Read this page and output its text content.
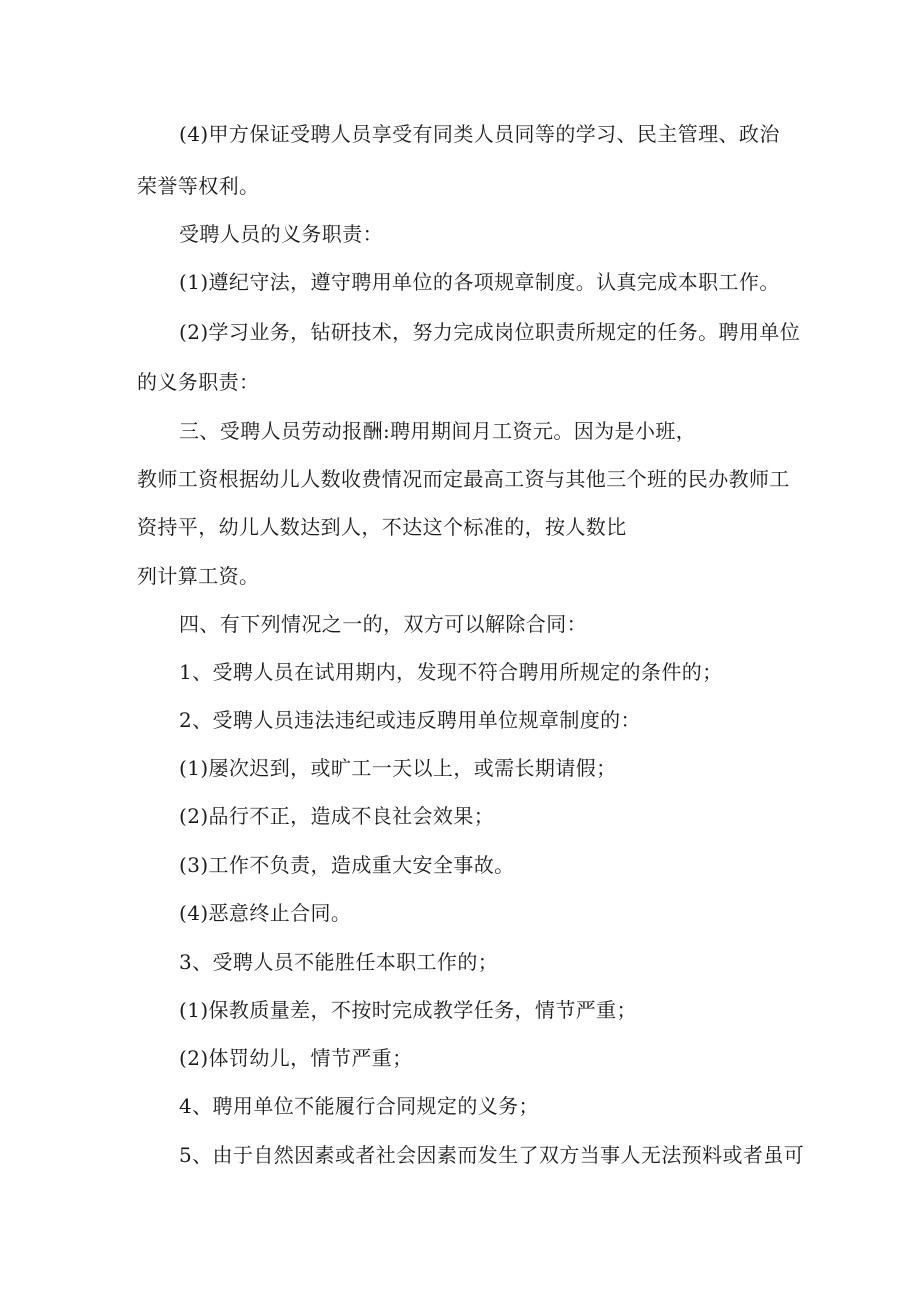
(4)甲方保证受聘人员享受有同类人员同等的学习、民主管理、政治
荣誉等权利。
受聘人员的义务职责：
(1)遵纪守法，遵守聘用单位的各项规章制度。认真完成本职工作。
(2)学习业务，钻研技术，努力完成岗位职责所规定的任务。聘用单位
的义务职责：
三、受聘人员劳动报酬:聘用期间月工资元。因为是小班，
教师工资根据幼儿人数收费情况而定最高工资与其他三个班的民办教师工
资持平，幼儿人数达到人，不达这个标准的，按人数比
列计算工资。
四、有下列情况之一的，双方可以解除合同：
1、受聘人员在试用期内，发现不符合聘用所规定的条件的；
2、受聘人员违法违纪或违反聘用单位规章制度的：
(1)屡次迟到，或旷工一天以上，或需长期请假；
(2)品行不正，造成不良社会效果；
(3)工作不负责，造成重大安全事故。
(4)恶意终止合同。
3、受聘人员不能胜任本职工作的；
(1)保教质量差，不按时完成教学任务，情节严重；
(2)体罚幼儿，情节严重；
4、聘用单位不能履行合同规定的义务；
5、由于自然因素或者社会因素而发生了双方当事人无法预料或者虽可
